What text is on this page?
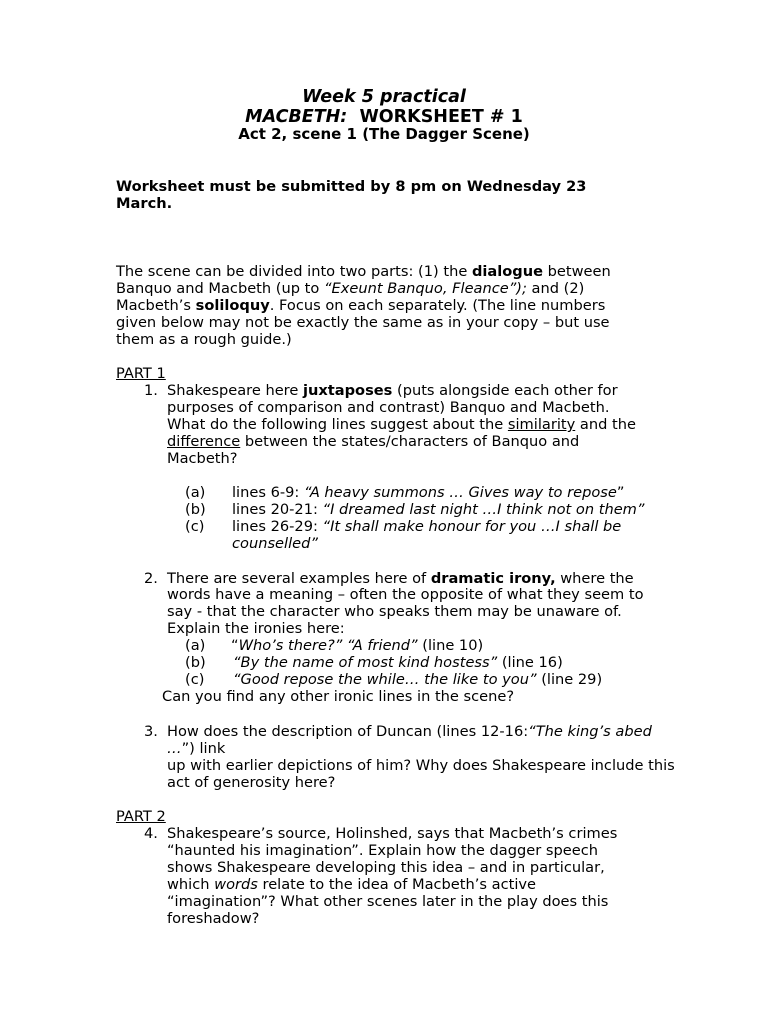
Week 5 practical
MACBETH: WORKSHEET # 1
Act 2, scene 1 (The Dagger Scene)
Worksheet must be submitted by 8 pm on Wednesday 23
March.
The scene can be divided into two parts: (1) the dialogue between
Banquo and Macbeth (up to “Exeunt Banquo, Fleance”); and (2)
Macbeth’s soliloquy. Focus on each separately. (The line numbers
given below may not be exactly the same as in your copy – but use
them as a rough guide.)
PART 1
1. Shakespeare here juxtaposes (puts alongside each other for
purposes of comparison and contrast) Banquo and Macbeth.
What do the following lines suggest about the similarity and the
difference between the states/characters of Banquo and
Macbeth?
(a) lines 6-9: “A heavy summons … Gives way to repose”
(b) lines 20-21: “I dreamed last night …I think not on them”
(c) lines 26-29: “It shall make honour for you …I shall be
counselled”
2. There are several examples here of dramatic irony, where the
words have a meaning – often the opposite of what they seem to
say - that the character who speaks them may be unaware of.
Explain the ironies here:
(a) “Who’s there?” “A friend” (line 10)
(b) “By the name of most kind hostess” (line 16)
(c) “Good repose the while… the like to you” (line 29)
Can you find any other ironic lines in the scene?
3. How does the description of Duncan (lines 12-16:“The king’s abed
…”) link
up with earlier depictions of him? Why does Shakespeare include this
act of generosity here?
PART 2
4. Shakespeare’s source, Holinshed, says that Macbeth’s crimes
“haunted his imagination”. Explain how the dagger speech
shows Shakespeare developing this idea – and in particular,
which words relate to the idea of Macbeth’s active
“imagination”? What other scenes later in the play does this
foreshadow?
